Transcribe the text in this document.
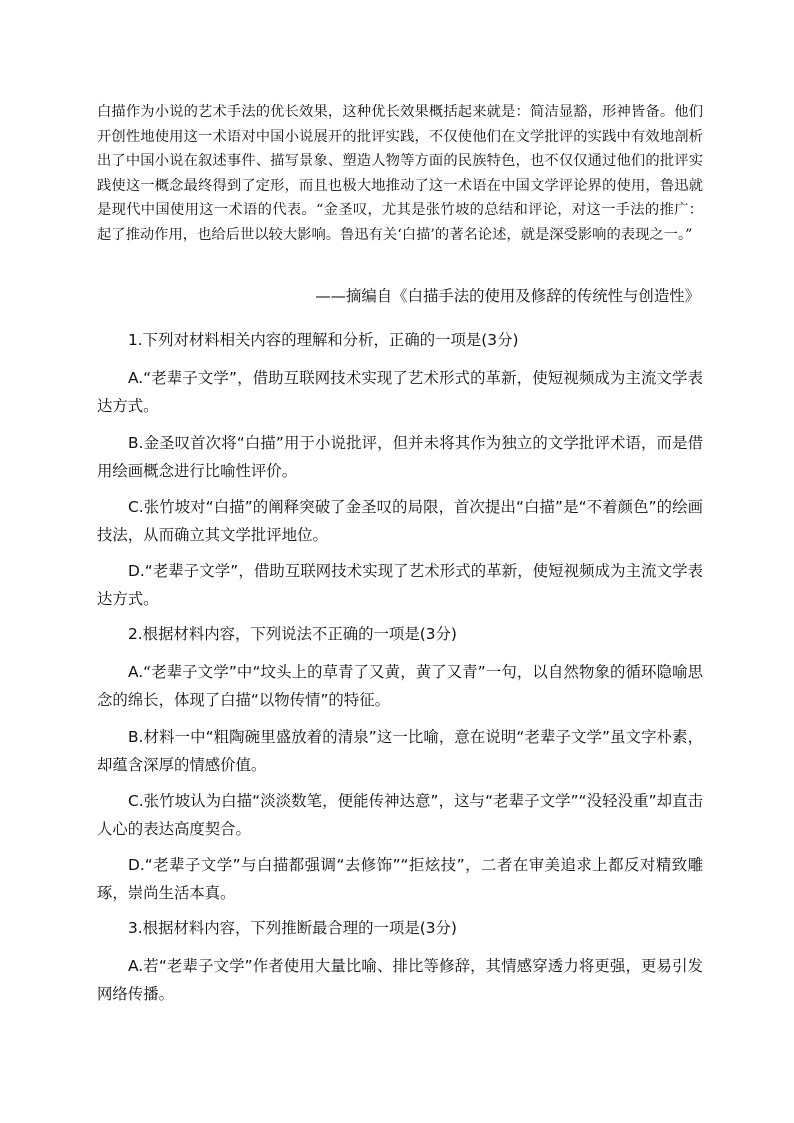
白描作为小说的艺术手法的优长效果，这种优长效果概括起来就是：简洁显豁，形神皆备。他们开创性地使用这一术语对中国小说展开的批评实践，不仅使他们在文学批评的实践中有效地剖析出了中国小说在叙述事件、描写景象、塑造人物等方面的民族特色，也不仅仅通过他们的批评实践使这一概念最终得到了定形，而且也极大地推动了这一术语在中国文学评论界的使用，鲁迅就是现代中国使用这一术语的代表。“金圣叹，尤其是张竹坡的总结和评论，对这一手法的推广：起了推动作用，也给后世以较大影响。鲁迅有关‘白描’的著名论述，就是深受影响的表现之一。”

——摘编自《白描手法的使用及修辞的传统性与创造性》

1.下列对材料相关内容的理解和分析，正确的一项是(3分)

A.“老辈子文学”，借助互联网技术实现了艺术形式的革新，使短视频成为主流文学表达方式。

B.金圣叹首次将“白描”用于小说批评，但并未将其作为独立的文学批评术语，而是借用绘画概念进行比喻性评价。

C.张竹坡对“白描”的阐释突破了金圣叹的局限，首次提出“白描”是“不着颜色”的绘画技法，从而确立其文学批评地位。

D.“老辈子文学”，借助互联网技术实现了艺术形式的革新，使短视频成为主流文学表达方式。

2.根据材料内容，下列说法不正确的一项是(3分)

A.“老辈子文学”中“坟头上的草青了又黄，黄了又青”一句，以自然物象的循环隐喻思念的绵长，体现了白描“以物传情”的特征。

B.材料一中“粗陶碗里盛放着的清泉”这一比喻，意在说明“老辈子文学”虽文字朴素，却蕴含深厚的情感价值。

C.张竹坡认为白描“淡淡数笔，便能传神达意”，这与“老辈子文学”“没轻没重”却直击人心的表达高度契合。

D.“老辈子文学”与白描都强调“去修饰”“拒炫技”，二者在审美追求上都反对精致雕琢，崇尚生活本真。

3.根据材料内容，下列推断最合理的一项是(3分)

A.若“老辈子文学”作者使用大量比喻、排比等修辞，其情感穿透力将更强，更易引发网络传播。
